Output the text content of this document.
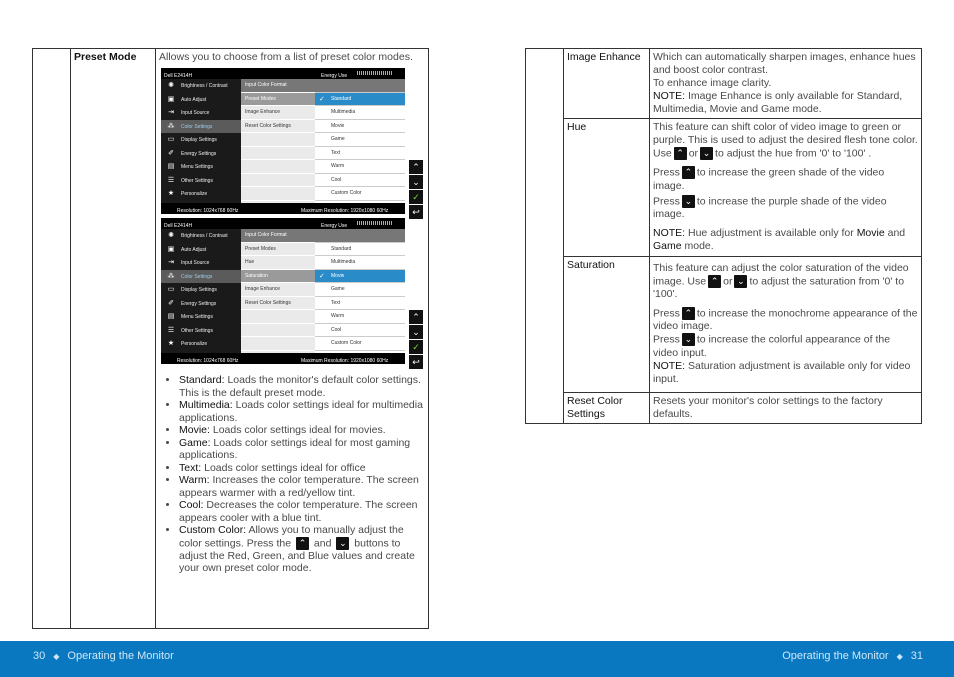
	Preset Mode	Allows you to choose from a list of preset color modes.

Dell E2414H	Energy Use
✺ Brightness / Contrast
▣ Auto Adjust
⇥ Input Source
⁂ Color Settings
▭ Display Settings
✐ Energy Settings
▤ Menu Settings
☰ Other Settings
★ Personalize
Input Color Format
Preset Modes
Image Enhance
Reset Color Settings
✓ Standard
Multimedia
Movie
Game
Text
Warm
Cool
Custom Color
Resolution: 1024x768 60Hz	Maximum Resolution: 1920x1080 60Hz
⌃
⌄
✓
↩
Dell E2414H	Energy Use
✺ Brightness / Contrast
▣ Auto Adjust
⇥ Input Source
⁂ Color Settings
▭ Display Settings
✐ Energy Settings
▤ Menu Settings
☰ Other Settings
★ Personalize
Input Color Format
Preset Modes
Hue
Saturation
Image Enhance
Reset Color Settings
Standard
Multimedia
✓ Movie
Game
Text
Warm
Cool
Custom Color
Resolution: 1024x768 60Hz	Maximum Resolution: 1920x1080 60Hz
⌃
⌄
✓
↩
• Standard: Loads the monitor's default color settings. This is the default preset mode.
• Multimedia: Loads color settings ideal for multimedia applications.
• Movie: Loads color settings ideal for movies.
• Game: Loads color settings ideal for most gaming applications.
• Text: Loads color settings ideal for office
• Warm: Increases the color temperature. The screen appears warmer with a red/yellow tint.
• Cool: Decreases the color temperature. The screen appears cooler with a blue tint.
• Custom Color: Allows you to manually adjust the color settings. Press the ⌃ and ⌄ buttons to adjust the Red, Green, and Blue values and create your own preset color mode.
	Image Enhance	Which can automatically sharpen images, enhance hues and boost color contrast.
To enhance image clarity.
NOTE: Image Enhance is only available for Standard, Multimedia, Movie and Game mode.

	Hue	This feature can shift color of video image to green or purple. This is used to adjust the desired flesh tone color. Use ⌃ or ⌄ to adjust the hue from '0' to '100' .

Press ⌃ to increase the green shade of the video image.

Press ⌄ to increase the purple shade of the video image.

NOTE: Hue adjustment is available only for Movie and Game mode.

	Saturation	This feature can adjust the color saturation of the video image. Use ⌃ or ⌄ to adjust the saturation from '0' to '100'.

Press ⌃ to increase the monochrome appearance of the video image.
Press ⌄ to increase the colorful appearance of the video input.
NOTE: Saturation adjustment is available only for video input.

	Reset Color Settings	Resets your monitor's color settings to the factory defaults.
30 ◆ Operating the Monitor	Operating the Monitor ◆ 31
